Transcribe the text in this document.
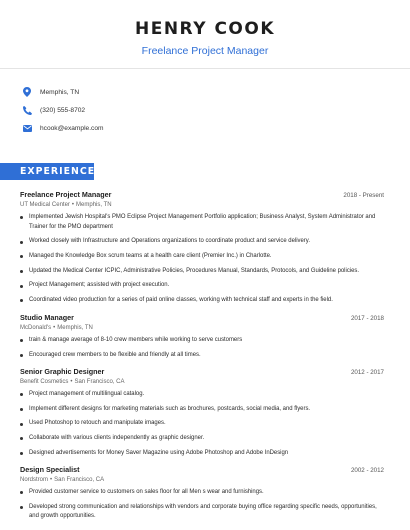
HENRY COOK
Freelance Project Manager
Memphis, TN
(320) 555-8702
hcook@example.com
EXPERIENCE
Freelance Project Manager	2018 - Present
UT Medical Center • Memphis, TN
Implemented Jewish Hospital's PMO Eclipse Project Management Portfolio application; Business Analyst, System Administrator and Trainer for the PMO department
Worked closely with Infrastructure and Operations organizations to coordinate product and service delivery.
Managed the Knowledge Box scrum teams at a health care client (Premier Inc.) in Charlotte.
Updated the Medical Center ICPIC, Administrative Policies, Procedures Manual, Standards, Protocols, and Guideline policies.
Project Management; assisted with project execution.
Coordinated video production for a series of paid online classes, working with technical staff and experts in the field.
Studio Manager	2017 - 2018
McDonald's • Memphis, TN
train & manage average of 8-10 crew members while working to serve customers
Encouraged crew members to be flexible and friendly at all times.
Senior Graphic Designer	2012 - 2017
Benefit Cosmetics • San Francisco, CA
Project management of multilingual catalog.
Implement different designs for marketing materials such as brochures, postcards, social media, and flyers.
Used Photoshop to retouch and manipulate images.
Collaborate with various clients independently as graphic designer.
Designed advertisements for Money Saver Magazine using Adobe Photoshop and Adobe InDesign
Design Specialist	2002 - 2012
Nordstrom • San Francisco, CA
Provided customer service to customers on sales floor for all Men s wear and furnishings.
Developed strong communication and relationships with vendors and corporate buying office regarding specific needs, opportunities, and growth opportunities.
